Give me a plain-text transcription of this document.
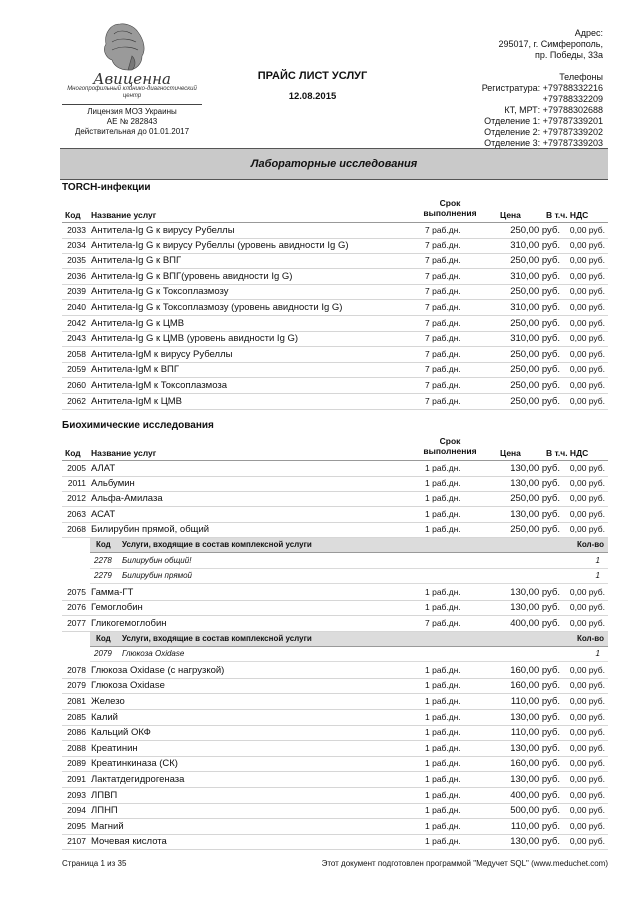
Авиценна
Многопрофильный клинико-диагностический центр
Лицензия МОЗ Украины
АЕ № 282843
Действительная до 01.01.2017
ПРАЙС ЛИСТ УСЛУГ
12.08.2015
Адрес:
295017, г. Симферополь,
пр. Победы, 33а
Телефоны
Регистратура: +79788332216
+79788332209
КТ, МРТ: +79788302688
Отделение 1: +79787339201
Отделение 2: +79787339202
Отделение 3: +79787339203
Лабораторные исследования
TORCH-инфекции
Код Название услуг
Срок выполнения	Цена	В т.ч. НДС
2033 Антитела-Ig G к вирусу Рубеллы	7 раб.дн.	250,00 руб.	0,00 руб.
2034 Антитела-Ig G к вирусу Рубеллы (уровень авидности Ig G)	7 раб.дн.	310,00 руб.	0,00 руб.
2035 Антитела-Ig G к ВПГ	7 раб.дн.	250,00 руб.	0,00 руб.
2036 Антитела-Ig G к ВПГ(уровень авидности Ig G)	7 раб.дн.	310,00 руб.	0,00 руб.
2039 Антитела-Ig G к Токсоплазмозу	7 раб.дн.	250,00 руб.	0,00 руб.
2040 Антитела-Ig G к Токсоплазмозу (уровень авидности Ig G)	7 раб.дн.	310,00 руб.	0,00 руб.
2042 Антитела-Ig G к ЦМВ	7 раб.дн.	250,00 руб.	0,00 руб.
2043 Антитела-Ig G к ЦМВ (уровень авидности Ig G)	7 раб.дн.	310,00 руб.	0,00 руб.
2058 Антитела-IgM к вирусу Рубеллы	7 раб.дн.	250,00 руб.	0,00 руб.
2059 Антитела-IgM к ВПГ	7 раб.дн.	250,00 руб.	0,00 руб.
2060 Антитела-IgM к Токсоплазмоза	7 раб.дн.	250,00 руб.	0,00 руб.
2062 Антитела-IgM к ЦМВ	7 раб.дн.	250,00 руб.	0,00 руб.
Биохимические исследования
Код Название услуг
Срок выполнения	Цена	В т.ч. НДС
2005 АЛАТ	1 раб.дн.	130,00 руб.	0,00 руб.
2011 Альбумин	1 раб.дн.	130,00 руб.	0,00 руб.
2012 Альфа-Амилаза	1 раб.дн.	250,00 руб.	0,00 руб.
2063 АСАТ	1 раб.дн.	130,00 руб.	0,00 руб.
2068 Билирубин прямой, общий	1 раб.дн.	250,00 руб.	0,00 руб.
Код Услуги, входящие в состав комплексной услуги	Кол-во
2278 Билирубин общий!	1
2279 Билирубин прямой	1
2075 Гамма-ГТ	1 раб.дн.	130,00 руб.	0,00 руб.
2076 Гемоглобин	1 раб.дн.	130,00 руб.	0,00 руб.
2077 Гликогемоглобин	7 раб.дн.	400,00 руб.	0,00 руб.
Код Услуги, входящие в состав комплексной услуги	Кол-во
2079 Глюкоза Oxidase	1
2078 Глюкоза Oxidase (с нагрузкой)	1 раб.дн.	160,00 руб.	0,00 руб.
2079 Глюкоза Oxidase	1 раб.дн.	160,00 руб.	0,00 руб.
2081 Железо	1 раб.дн.	110,00 руб.	0,00 руб.
2085 Калий	1 раб.дн.	130,00 руб.	0,00 руб.
2086 Кальций ОКФ	1 раб.дн.	110,00 руб.	0,00 руб.
2088 Креатинин	1 раб.дн.	130,00 руб.	0,00 руб.
2089 Креатинкиназа (СК)	1 раб.дн.	160,00 руб.	0,00 руб.
2091 Лактатдегидрогеназа	1 раб.дн.	130,00 руб.	0,00 руб.
2093 ЛПВП	1 раб.дн.	400,00 руб.	0,00 руб.
2094 ЛПНП	1 раб.дн.	500,00 руб.	0,00 руб.
2095 Магний	1 раб.дн.	110,00 руб.	0,00 руб.
2107 Мочевая кислота	1 раб.дн.	130,00 руб.	0,00 руб.
Страница 1 из 35	Этот документ подготовлен программой "Медучет SQL" (www.meduchet.com)
